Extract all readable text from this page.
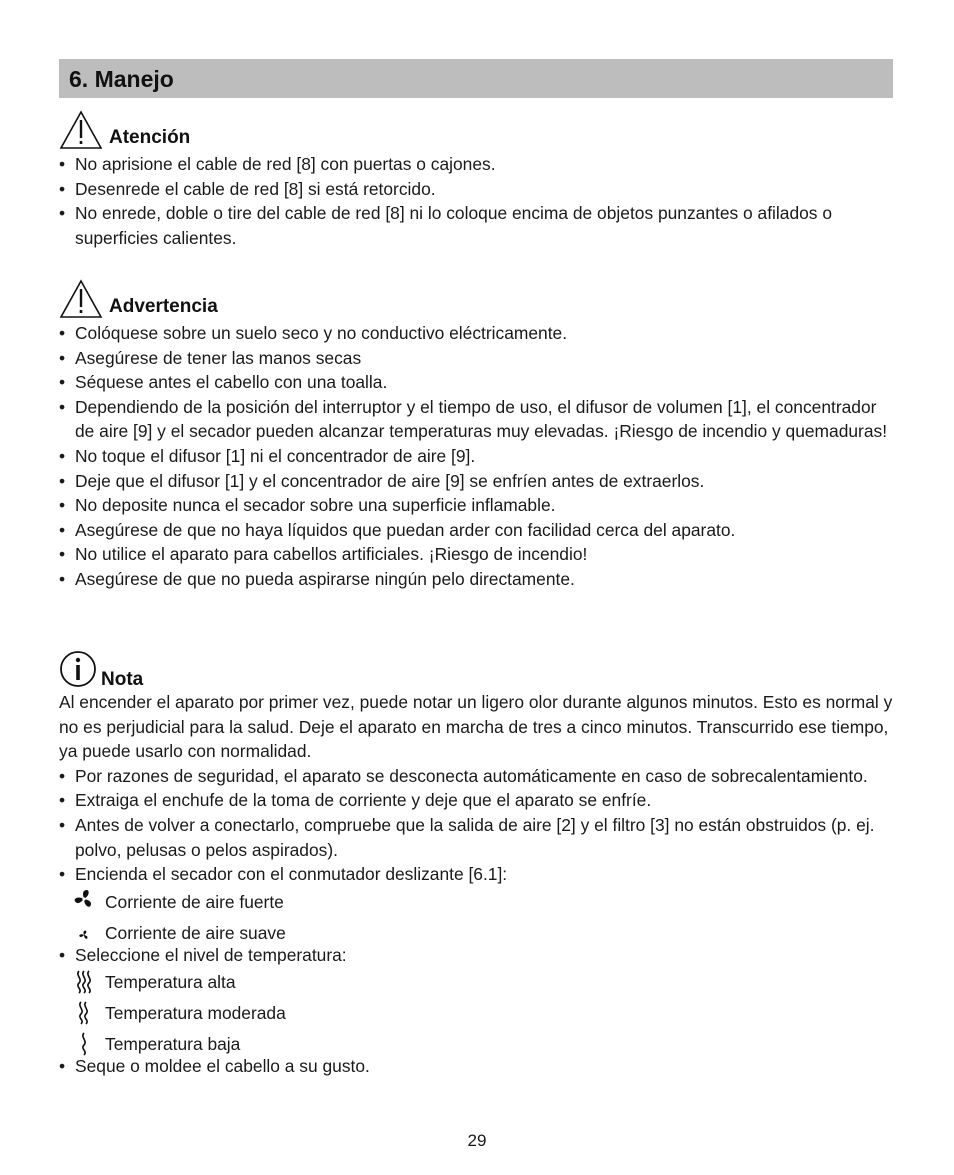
6. Manejo
Atención
• No aprisione el cable de red [8] con puertas o cajones.
• Desenrede el cable de red [8] si está retorcido.
• No enrede, doble o tire del cable de red [8] ni lo coloque encima de objetos punzantes o afilados o superficies calientes.
Advertencia
• Colóquese sobre un suelo seco y no conductivo eléctricamente.
• Asegúrese de tener las manos secas
• Séquese antes el cabello con una toalla.
• Dependiendo de la posición del interruptor y el tiempo de uso, el difusor de volumen [1], el concentrador de aire [9] y el secador pueden alcanzar temperaturas muy elevadas. ¡Riesgo de incendio y quemaduras!
• No toque el difusor [1] ni el concentrador de aire [9].
• Deje que el difusor [1] y el concentrador de aire [9] se enfríen antes de extraerlos.
• No deposite nunca el secador sobre una superficie inflamable.
• Asegúrese de que no haya líquidos que puedan arder con facilidad cerca del aparato.
• No utilice el aparato para cabellos artificiales. ¡Riesgo de incendio!
• Asegúrese de que no pueda aspirarse ningún pelo directamente.
Nota

Al encender el aparato por primer vez, puede notar un ligero olor durante algunos minutos. Esto es normal y no es perjudicial para la salud. Deje el aparato en marcha de tres a cinco minutos. Transcurrido ese tiempo, ya puede usarlo con normalidad.

• Por razones de seguridad, el aparato se desconecta automáticamente en caso de sobrecalentamiento.
• Extraiga el enchufe de la toma de corriente y deje que el aparato se enfríe.
• Antes de volver a conectarlo, compruebe que la salida de aire [2] y el filtro [3] no están obstruidos (p. ej. polvo, pelusas o pelos aspirados).
• Encienda el secador con el conmutador deslizante [6.1]:
Corriente de aire fuerte
Corriente de aire suave
• Seleccione el nivel de temperatura:
Temperatura alta
Temperatura moderada
Temperatura baja
• Seque o moldee el cabello a su gusto.
29
